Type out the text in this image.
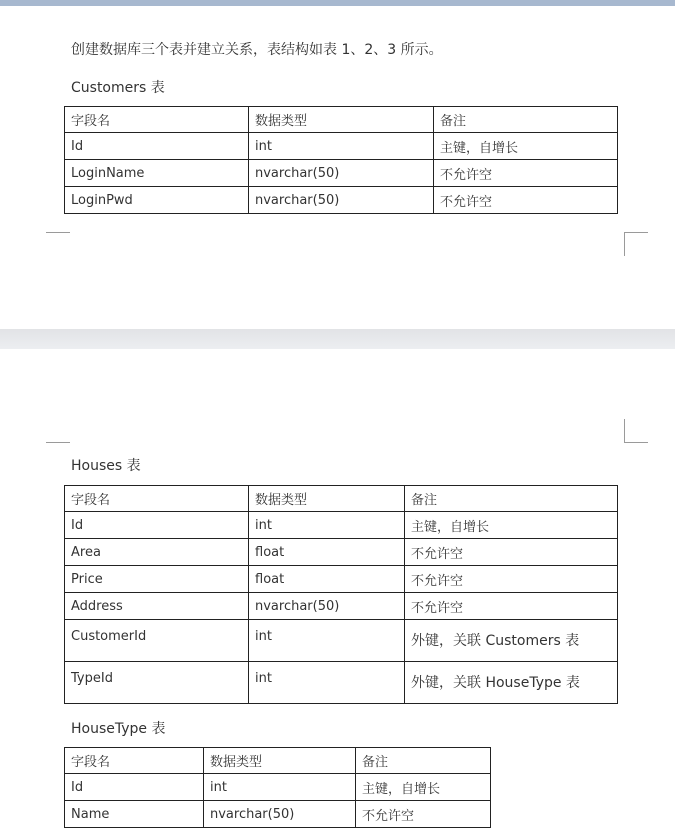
创建数据库三个表并建立关系，表结构如表 1、2、3 所示。
Customers 表
字段名	数据类型	备注
Id	int	主键，自增长
LoginName	nvarchar(50)	不允许空
LoginPwd	nvarchar(50)	不允许空
Houses 表
字段名	数据类型	备注
Id	int	主键，自增长
Area	float	不允许空
Price	float	不允许空
Address	nvarchar(50)	不允许空
CustomerId	int	外键，关联 Customers 表
TypeId	int	外键，关联 HouseType 表
HouseType 表
字段名	数据类型	备注
Id	int	主键，自增长
Name	nvarchar(50)	不允许空
